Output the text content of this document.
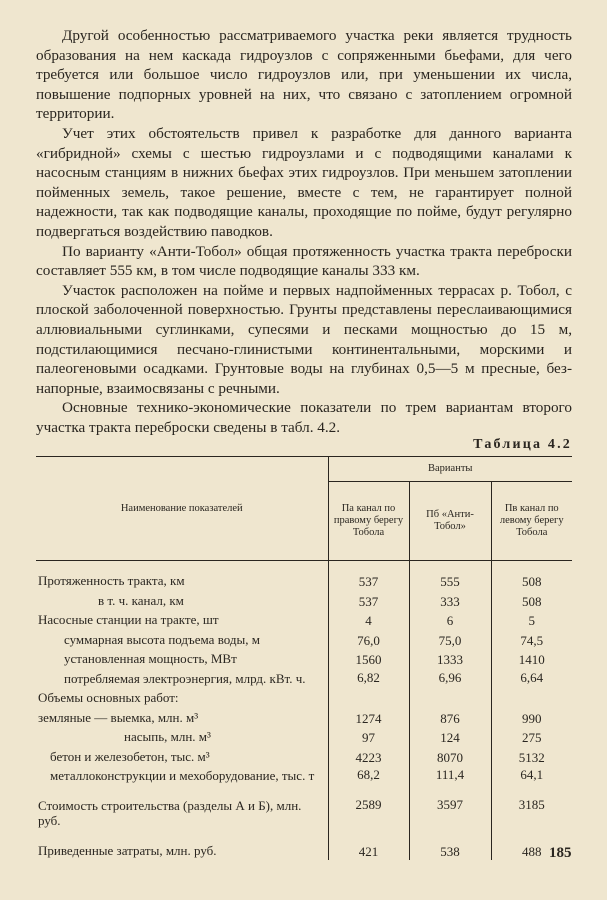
Другой особенностью рассматриваемого участка реки является трудность образования на нем каскада гидроузлов с сопряженными бьефами, для чего требуется или большое число гидроузлов или, при уменьшении их числа, повышение подпорных уровней на них, что связано с затоплением огромной территории.

Учет этих обстоятельств привел к разработке для данного варианта «гибридной» схемы с шестью гидроузлами и с подводящими каналами к насосным станциям в нижних бьефах этих гидроузлов. При меньшем затоплении пойменных земель, такое решение, вместе с тем, не гарантирует полной надежности, так как подводящие каналы, проходящие по пойме, будут регулярно подвергаться воздействию паводков.

По варианту «Анти-Тобол» общая протяженность участка тракта переброски составляет 555 км, в том числе подводящие каналы 333 км.

Участок расположен на пойме и первых надпойменных террасах р. Тобол, с плоской заболоченной поверхностью. Грунты представлены переслаивающимися аллювиальными суглинками, супесями и песками мощностью до 15 м, подстилающимися песчано-глинистыми континентальными, морскими и палеогеновыми осадками. Грунтовые воды на глубинах 0,5—5 м пресные, безнапорные, взаимосвязаны с речными.

Основные технико-экономические показатели по трем вариантам второго участка тракта переброски сведены в табл. 4.2.

Таблица 4.2
Наименование показателей	Варианты		
	Па канал по правому берегу Тобола	Пб «Анти-Тобол»	Пв канал по левому берегу Тобола

Протяженность тракта, км	537	555	508
в т. ч. канал, км	537	333	508
Насосные станции на тракте, шт	4	6	5
суммарная высота подъема воды, м	76,0	75,0	74,5
установленная мощность, МВт	1560	1333	1410
потребляемая электроэнергия, млрд. кВт. ч.	6,82	6,96	6,64
Объемы основных работ:			
земляные — выемка, млн. м³	1274	876	990
насыпь, млн. м³	97	124	275
бетон и железобетон, тыс. м³	4223	8070	5132
металлоконструкции и мехоборудование, тыс. т	68,2	111,4	64,1

Стоимость строительства (разделы А и Б), млн. руб.	2589	3597	3185

Приведенные затраты, млн. руб.	421	538	488 185
